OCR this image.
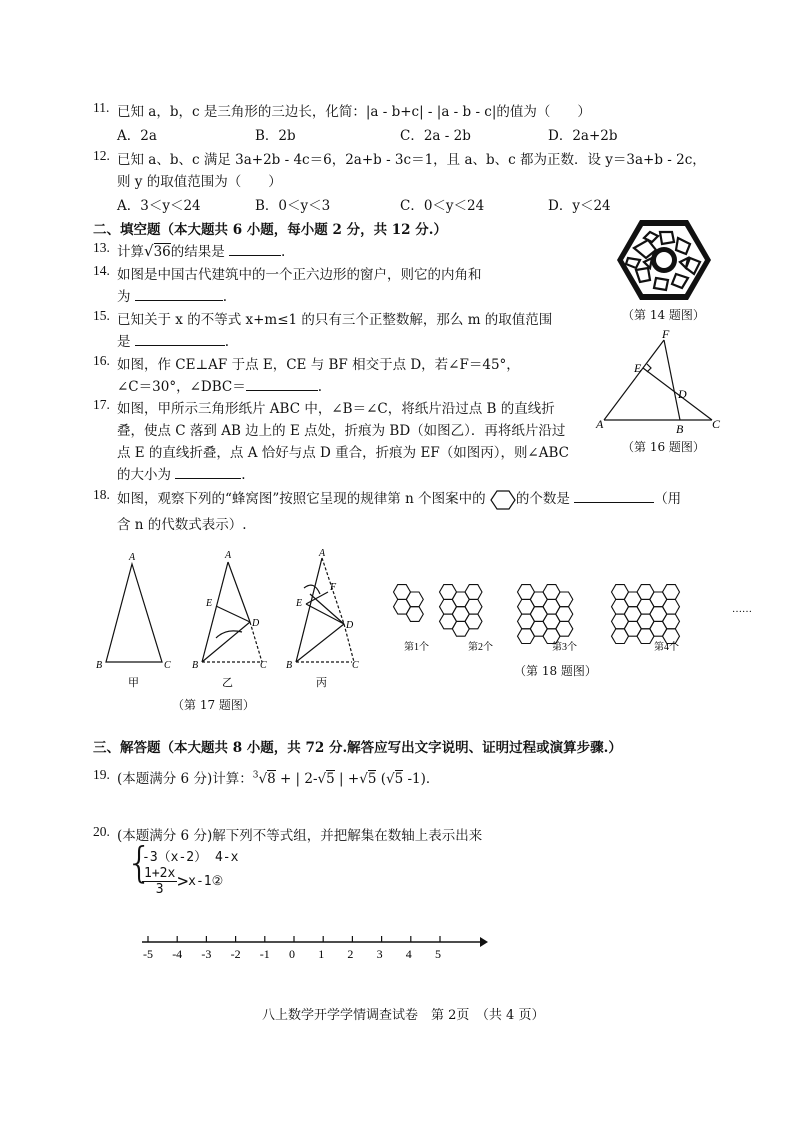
11. 已知 a，b，c 是三角形的三边长，化简：|a - b+c| - |a - b - c|的值为（　　）
A．2a	B．2b	C．2a - 2b	D．2a+2b
12. 已知 a、b、c 满足 3a+2b - 4c＝6，2a+b - 3c＝1，且 a、b、c 都为正数．设 y＝3a+b - 2c，
则 y 的取值范围为（　　）
A．3＜y＜24	B．0＜y＜3	C．0＜y＜24	D．y＜24
二、填空题（本大题共 6 小题，每小题 2 分，共 12 分.）
13. 计算√36的结果是	.
14. 如图是中国古代建筑中的一个正六边形的窗户，则它的内角和
为	.
15. 已知关于 x 的不等式 x+m≤1 的只有三个正整数解，那么 m 的取值范围
是	.
16. 如图，作 CE⊥AF 于点 E，CE 与 BF 相交于点 D，若∠F＝45°，
∠C＝30°，∠DBC＝	.
17. 如图，甲所示三角形纸片 ABC 中，∠B＝∠C，将纸片沿过点 B 的直线折
叠，使点 C 落到 AB 边上的 E 点处，折痕为 BD（如图乙）．再将纸片沿过
点 E 的直线折叠，点 A 恰好与点 D 重合，折痕为 EF（如图丙），则∠ABC
的大小为	.
18. 如图，观察下列的“蜂窝图”按照它呈现的规律第 n 个图案中的 的个数是	（用
含 n 的代数式表示）.
（第 14 题图）
F
E
D
A	B C
（第 16 题图）
A
B	C
A
E
D
B	C
A
F
E
D
B	C
甲	乙	丙
（第 17 题图）
第1个	第2个	第3个	第4个
……
（第 18 题图）
三、解答题（本大题共 8 小题，共 72 分.解答应写出文字说明、证明过程或演算步骤.）
19. (本题满分 6 分)计算：$^3$√8 + | 2-√5 | +√5 (√5 -1)．
20. (本题满分 6 分)解下列不等式组，并把解集在数轴上表示出来
{
-3（x-2） 4-x
$\frac{1+2x}{3}$ >x-1②
-5 -4 -3 -2 -1 0 1 2 3 4 5
八上数学开学学情调查试卷　第 2页　（共 4 页）
